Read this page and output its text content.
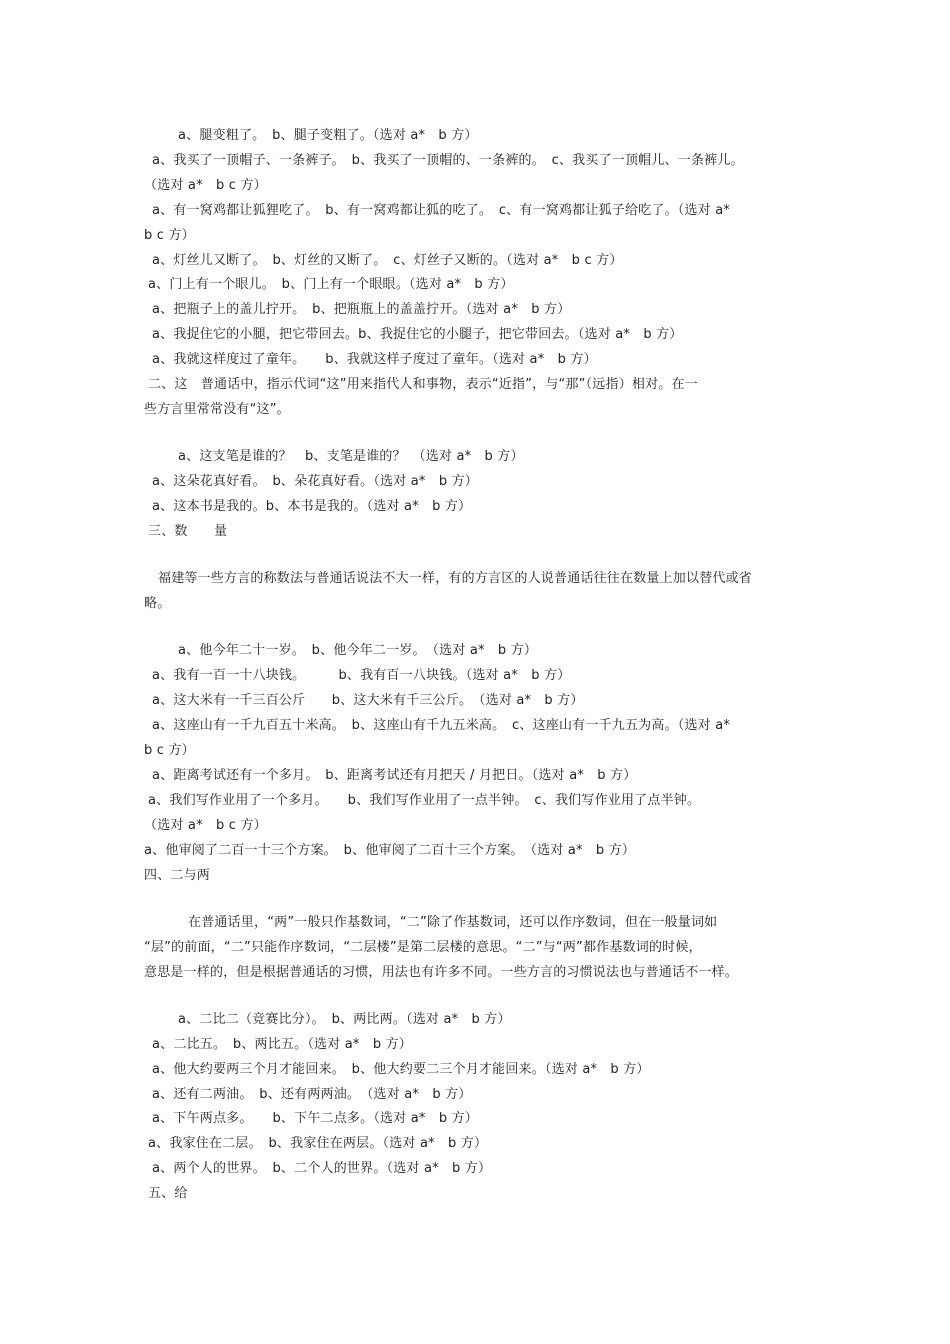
a、腿变粗了。　b、腿子变粗了。（选对 a*　b 方）
a、我买了一顶帽子、一条裤子。　b、我买了一顶帽的、一条裤的。　c、我买了一顶帽儿、一条裤儿。
（选对 a*　b c 方）
a、有一窝鸡都让狐狸吃了。　b、有一窝鸡都让狐的吃了。　c、有一窝鸡都让狐子给吃了。（选对 a*
b c 方）
a、灯丝儿又断了。　b、灯丝的又断了。　c、灯丝子又断的。（选对 a*　b c 方）
a、门上有一个眼儿。　b、门上有一个眼眼。（选对 a*　b 方）
a、把瓶子上的盖儿拧开。　b、把瓶瓶上的盖盖拧开。（选对 a*　b 方）
a、我捉住它的小腿，把它带回去。b、我捉住它的小腿子，把它带回去。（选对 a*　b 方）
a、我就这样度过了童年。　　b、我就这样子度过了童年。（选对 a*　b 方）
二、这　普通话中，指示代词“这”用来指代人和事物，表示“近指”，与“那”（远指）相对。在一
些方言里常常没有“这”。
a、这支笔是谁的？　b、支笔是谁的？　（选对 a*　b 方）
a、这朵花真好看。　b、朵花真好看。（选对 a*　b 方）
a、这本书是我的。b、本书是我的。（选对 a*　b 方）
三、数　　量
福建等一些方言的称数法与普通话说法不大一样，有的方言区的人说普通话往往在数量上加以替代或省
略。
a、他今年二十一岁。　b、他今年二一岁。　（选对 a*　b 方）
a、我有一百一十八块钱。　　　b、我有百一八块钱。（选对 a*　b 方）
a、这大米有一千三百公斤　　b、这大米有千三公斤。　（选对 a*　b 方）
a、这座山有一千九百五十米高。　b、这座山有千九五米高。　c、这座山有一千九五为高。（选对 a*
b c 方）
a、距离考试还有一个多月。　b、距离考试还有月把天 / 月把日。（选对 a*　b 方）
a、我们写作业用了一个多月。　　b、我们写作业用了一点半钟。　c、我们写作业用了点半钟。
（选对 a*　b c 方）
a、他审阅了二百一十三个方案。　b、他审阅了二百十三个方案。　（选对 a*　b 方）
四、二与两
在普通话里，“两”一般只作基数词，“二”除了作基数词，还可以作序数词，但在一般量词如
“层”的前面，“二”只能作序数词，“二层楼”是第二层楼的意思。“二”与“两”都作基数词的时候，
意思是一样的，但是根据普通话的习惯，用法也有许多不同。一些方言的习惯说法也与普通话不一样。
a、二比二（竞赛比分）。　b、两比两。（选对 a*　b 方）
a、二比五。　b、两比五。（选对 a*　b 方）
a、他大约要两三个月才能回来。　b、他大约要二三个月才能回来。（选对 a*　b 方）
a、还有二两油。　b、还有两两油。　（选对 a*　b 方）
a、下午两点多。　　b、下午二点多。（选对 a*　b 方）
a、我家住在二层。　b、我家住在两层。（选对 a*　b 方）
a、两个人的世界。　b、二个人的世界。（选对 a*　b 方）
五、给
